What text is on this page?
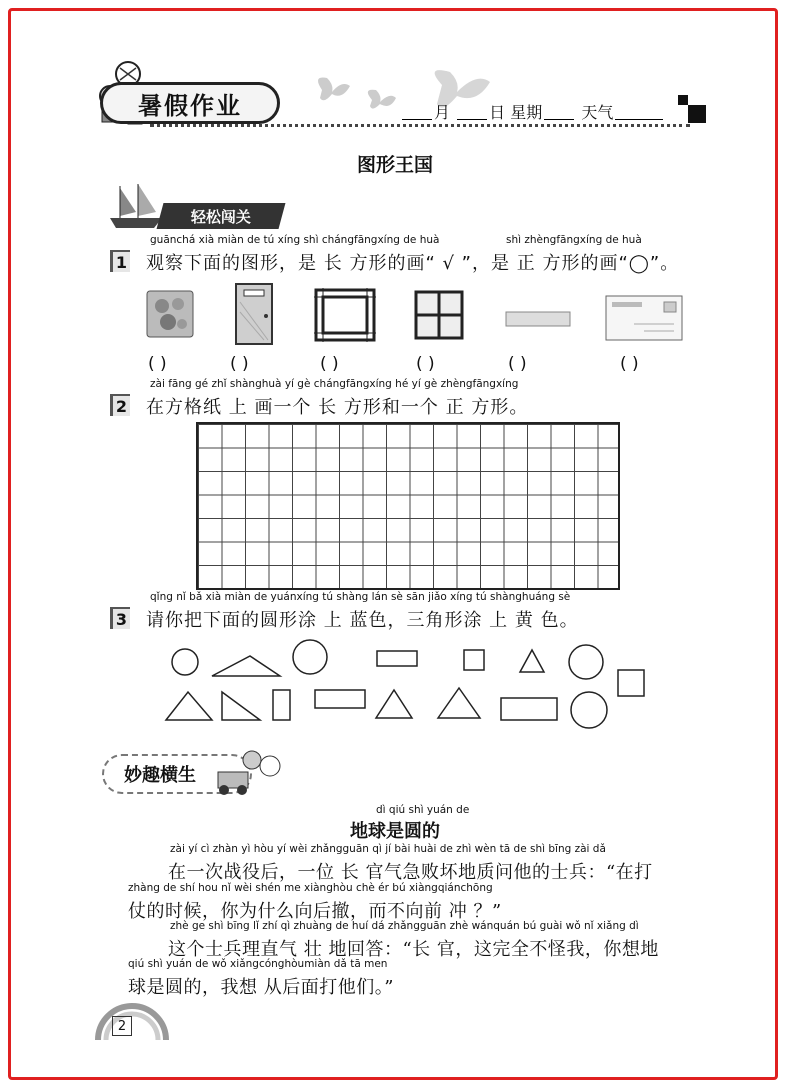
暑假作业	月 日 星期 天气
图形王国
轻松闯关
guānchá xià miàn de tú xíng shì chángfāngxíng de huà	shì zhèngfāngxíng de huà
1 观察下面的图形，是 长 方形的画“ √ ”，是 正 方形的画“◯”。
( )	( )	( )	( )	( )	( )
zài fāng gé zhǐ shànghuà yí gè chángfāngxíng hé yí gè zhèngfāngxíng
2 在方格纸 上 画一个 长 方形和一个 正 方形。
qǐng nǐ bǎ xià miàn de yuánxíng tú shàng lán sè sān jiǎo xíng tú shànghuáng sè
3 请你把下面的圆形涂 上 蓝色，三角形涂 上 黄 色。
妙趣横生
dì qiú shì yuán de
地球是圆的
zài yí cì zhàn yì hòu yí wèi zhǎngguān qì jí bài huài de zhì wèn tā de shì bīng zài dǎ
在一次战役后，一位 长 官气急败坏地质问他的士兵：“在打
zhàng de shí hou nǐ wèi shén me xiànghòu chè ér bú xiàngqiánchōng
仗的时候，你为什么向后撤，而不向前 冲 ？”
zhè ge shì bīng lǐ zhí qì zhuàng de huí dá zhǎngguān zhè wánquán bú guài wǒ nǐ xiǎng dì
这个士兵理直气 壮 地回答：“长 官，这完全不怪我，你想地
qiú shì yuán de wǒ xiǎngcónghòumiàn dǎ tā men
球是圆的，我想 从后面打他们。”
2
